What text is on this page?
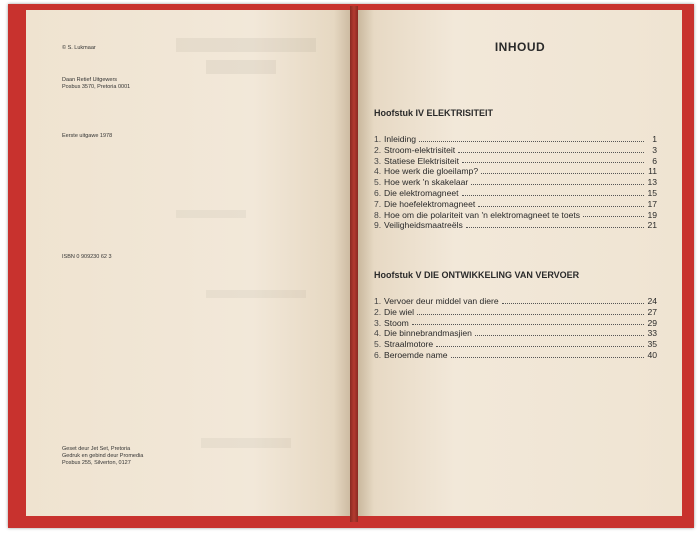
© S. Lukmaar
Daan Retief Uitgewers
Posbus 3570, Pretoria 0001
Eerste uitgawe 1978
ISBN 0 909230 62 3
Geset deur Jet Set, Pretoria
Gedruk en gebind deur Promedia
Posbus 255, Silverton, 0127
INHOUD
Hoofstuk IV ELEKTRISITEIT
1. Inleiding	1
2. Stroom-elektrisiteit	3
3. Statiese Elektrisiteit	6
4. Hoe werk die gloeilamp?	11
5. Hoe werk 'n skakelaar	13
6. Die elektromagneet	15
7. Die hoefelektromagneet	17
8. Hoe om die polariteit van 'n elektromagneet te toets	19
9. Veiligheidsmaatreëls	21
Hoofstuk V DIE ONTWIKKELING VAN VERVOER
1. Vervoer deur middel van diere	24
2. Die wiel	27
3. Stoom	29
4. Die binnebrandmasjien	33
5. Straalmotore	35
6. Beroemde name	40
